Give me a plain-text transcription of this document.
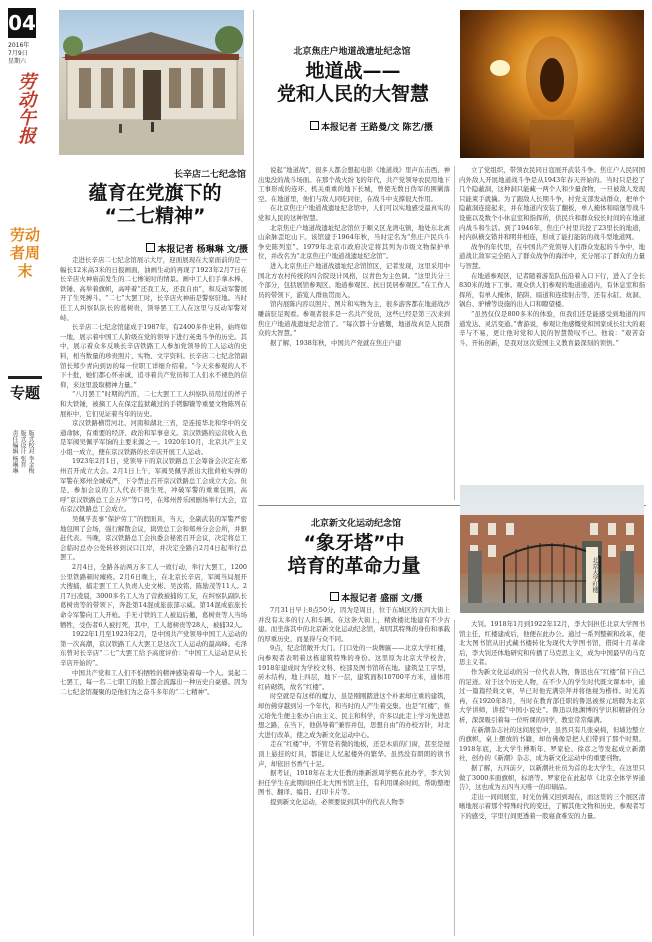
04
2016年
7月9日
星期六
劳动午报
劳动者周末
专题
版式校对 李金梅
版式设计 张晋
责任编辑 杨琳琳
长辛店二七纪念馆
蕴育在党旗下的
“二七精神”
本报记者 杨琳琳 文/摄

走进长辛店二七纪念馆展示大厅，迎面展现在大家面前的是一幅长12米高3米的日报画面，油画生动的再现了1923年2月7日在长辛店火神庙前发生的二七惨案时的情景。画中工人们手拿木棒、铁锤、高举着旗帜，高呼着“还我工友，还我自由”，和反动军警展开了生死搏斗。“二七”大罢工时，长辛店火神庙是警察驻地。当时任工人纠察队队长的葛树贵，领导罢工工人在这里与反动军警对峙。

长辛店二七纪念馆建成于1987年，有2400多件史料，始终如一地，展示着中国工人阶级在党的领导下进行英勇斗争的历史。其中，展示着众多反映长辛店铁路工人参加党领导的工人运动的史料，相当数量的珍贵照片、实物、文字资料。长辛店二七纪念馆副馆长郑少青向到访的每一位职工详细介绍着。“今天来参观的人不下十批，她们都心怀赤诚，追寻着共产党员和工人们永不褪色的信仰，来这里汲取精神力量。”

“八月罢工”时期的汽笛，二七大罢工工人纠察队员用过的斧子和大铁锤，被摘工人在保定监狱戴过的手铐脚镣等重要文物陈列在展柜中，它们见证着当年的历史。

京汉铁路横贯河北、河南和湖北三省，是连接华北和华中的交通命脉，有重要的经济、政治和军事意义。京汉铁路的运营收入也是军阀吴佩孚军饷的主要来源之一。1920年10月，北京共产主义小组一成立，便在京汉铁路的长辛店开展工人运动。

1923年2月1日，党领导下的京汉铁路总工会筹备会决定在郑州召开成立大会。2月1日上午，军阀吴佩孚派出大批荷枪实弹的军警在郑州全城戒严，下令禁止召开京汉铁路总工会成立大会。但是，参加会议的工人代表不畏生死，冲破军警的重重包围，高呼“京汉铁路总工会万岁”等口号，在郑州普乐园剧场举行大会，宣布京汉铁路总工会成立。

吴佩孚丧事“保护劳工”的假面具，当天，全副武装的军警严密地包围了会场，强行解散会议，捣毁总工会和郑州分会会所，并驱赶代表。当晚，京汉铁路总工会执委会秘密召开会议，决定将总工会临时总办公处转移到汉口江岸，并决定全路自2月4日起举行总罢工。

2月4日，全路各站两万多工人一致行动，举行大罢工，1200公里铁路顿时瘫痪。2月6日晚上，在北京长辛店，军阀当局展开大搜捕，捕走罢工工人负责人史文彬、吴汝铭、陈励茂等11人。2月7日凌晨，3000多名工人为了营救被捕的工友，在纠察队副队长葛树贵等的带领下，奔赴第14混成旅旅部示威。第14混成旅旅长命令军警向工人开枪。手无寸铁的工人被迫后撤，葛树贵等人当场牺牲，受伤者6人被打死，其中，工人葛树贵等28人，被捕32人。

1922年1月至1923年2月，是中国共产党领导中国工人运动的第一次高潮，京汉铁路工人大罢工是这次工人运动的最高峰。毛泽东曾对长辛店“二七”大罢工给予高度评价：“中国工人运动是从长辛店开始的”。

中国共产党和工人们不怕牺牲的精神感染着每一个人。说起二七罢工，每一名二七职工的脸上都会流露出一种历史自豪感。因为二七纪念馆凝聚的是他们为之奋斗多年的“二七精神”。

北京焦庄户地道战遗址纪念馆
地道战——
党和人民的大智慧
本报记者 王路曼/文 陈艺/摄

说起“地道战”，很多人都会想起电影《地道战》里声东击西、神出鬼没的战斗场面。在那个战火纷飞的年代，共产党领导农民用地下工事形成的连环、机关重重的地下长城，曾使无数日伪军的围剿落空。在地道里，他们与敌人同吃同住，在战斗中支撑很大作用。

在北京焦庄户地道战遗址纪念馆中，人们可以实地感受最真实的党和人民的这种智慧。

北京焦庄户地道战遗址纪念馆位于顺义区龙湾屯镇，地处东北离山余脉歪坨山下。该馆建于1964年秋，当时定名为“焦庄户民兵斗争史陈列室”。1979年北京市政府决定将其列为市级文物保护单位，并改名为“北京焦庄户地道战遗址纪念馆”。

进入北京焦庄户地道战遗址纪念馆馆区，记者发现，这里采用中国北方农村传统的四合院设计风格，以青色为主色调。“这里共分三个部分，包括展馆参观区、地道参观区、抗日民居参观区。”在工作人员的带领下，游览人群鱼贯而入。

馆内展陈内容以照片、图片和实物为主，很多游客都在地道战沙雕前驻足观看。参观者很多是一名共产党员，这些已经是第三次来到焦庄户地道战遗址纪念馆了。“每次都十分感慨，地道战真是人民群众的大智慧。”

据了解，1938年秋，中国共产党就在焦庄户建

立了党组织，带领农民同日寇展开武装斗争。焦庄户人民同国内外敌人开展地道战斗争是从1943年春天开始的。当时只是挖了几个隐蔽洞，这种洞只能藏一两个人和少量食物，一旦被敌人发现只能束手就擒。为了跟敌人长期斗争，村党支部发动群众，把单个隐蔽洞连接起来，并在地道内安装了翻板，单人掩体和暗堡等战斗设施以及数个小休息室和指挥所，供民兵和群众较长时间的在地道内战斗和生活。到了1946年，焦庄户村里共挖了23里长的地道，村内纵横交错井和明井相连，形成了能打能防的战斗型地道网。

战争的年代里，在中国共产党领导人们群众发起的斗争中，地道战让敌军完全陷入了群众战争的海洋中，充分展示了群众的力量与智慧。

在地道参观区，记者随着游览队伍沿着入口下行，进入了全长830米的地下工事。观众供人们参观的地道通道内，有休息室和指挥所，有单人掩体，陷阱、暗道和连续射击等，还有水缸、炕洞、锅台、驴槽等设施的出入口和瞭望楼。

“虽然仅仅是800多米的体验，但我们还是能感受到地道的四通发达、灵活变通。”曹游说，参观让他感慨党和国家成长壮大的艰辛与不易，更让他对党和人民的智慧赞叹不已。他说：“艰苦奋斗、开拓创新，是我对这次爱国主义教育最深刻的领悟。”

北京新文化运动纪念馆
“象牙塔”中
培育的革命力量
本报记者 盛丽 文/摄
北京大学红楼

7月31日早上8点50分，因为是周日，位于东城区的五四大街上并没有太多的行人和车辆。在这条大街上，精致楼比地建有不少古建。而坐落其中的北京新文化运动纪念馆，却因其特殊的身份和承载的厚重历史，而显得与众不同。

9点，纪念馆敞开大门。门口处的一块牌匾——北京大学红楼，向参观者表明着这栋建筑特殊的身份。这里原为北京大学校舍，1918年建成时为学校文科、校部及图书馆所在地。建筑呈工字型，砖木结构，地上四层，地下一层，建筑面积10700平方米，通体用红砖砌筑，故名“红楼”。

时空就是有这样的魔力，虽是刚刚踏进这个朴素却庄重的建筑，却仿佛穿越到另一个年代，和当时的人产生着交集。也是“红楼”，蔡元培先生便主张办自由主义、民主和科学，许多以此走上学习先进思想之路，在当下，他倡导着“兼容并包，思想自由”的办校方针，对北大进行改革，使之成为新文化运动中心。

走在“红楼”中，不管是若微的地板，还是木质的门窗，甚至是屋顶上悬挂的灯具，都能让人忆起楼外的繁华。虽然没有朗朗的读书声，却依旧书香气十足。

据考证，1918年在北大任教的维新派周学熙在此办学，李大钊担任学生在此期间担任北大图书馆主任，有利用课余时间，帮助整理图书、翻译、编目、打印卡片等。

提到新文化运动，必须要说到其中的代表人物李

大钊。1918年1月到1922年12月，李大钊担任北京大学图书馆主任，红楼建成后，他便在此办公。通过一系列整顿和改革，使北大图书馆从旧式藏书楼转化为现代大学图书馆，借阅十月革命后，李大钊还体地研究和传播了马克思主义，成为中国最早的马克思主义者。

作为新文化运动的另一位代表人物，鲁迅也在“红楼”留下自己的足迹。对于这个历史人物，在不少人的学生时代既文课本中，通过一篇篇经典文章，早已对他充满崇拜并将他视为楷样。时光苒冉，在1920年8月，当时在教育部任职的鲁迅被蔡元培聘为北京大学讲师，讲授“中国小说史”。鲁迅以他渊博的学识和精辟的分析，深深吸引着每一位听课的同学，教室常常爆满。

在新潮杂志社的这间展室中，虽然只有几张桌椅，但墙边整立的旗帜，桌上摆放的书籍，却仿佛像是把人们带到了那个时期。1918年底，北大学生傅斯年、罗家伦、徐彦之等发起成立新潮社，创办的《新潮》杂志，成为新文化运动中的重要刊物。

据了解，五四前夕，以新潮社社员为首的北大学生，在这里只做了3000多面旗帜，标语等。罗家伦在此起草《北京全体学界通告》，这也成为五四当天唯一的印刷品。

走出一间间展室，时光仿佛又回到现在，而这里的三个展区清晰地展示着那个特殊时代的变迁，了解其他文物和历史，参观者写下的感受，字里行间更透着一股寝食难安的力量。
